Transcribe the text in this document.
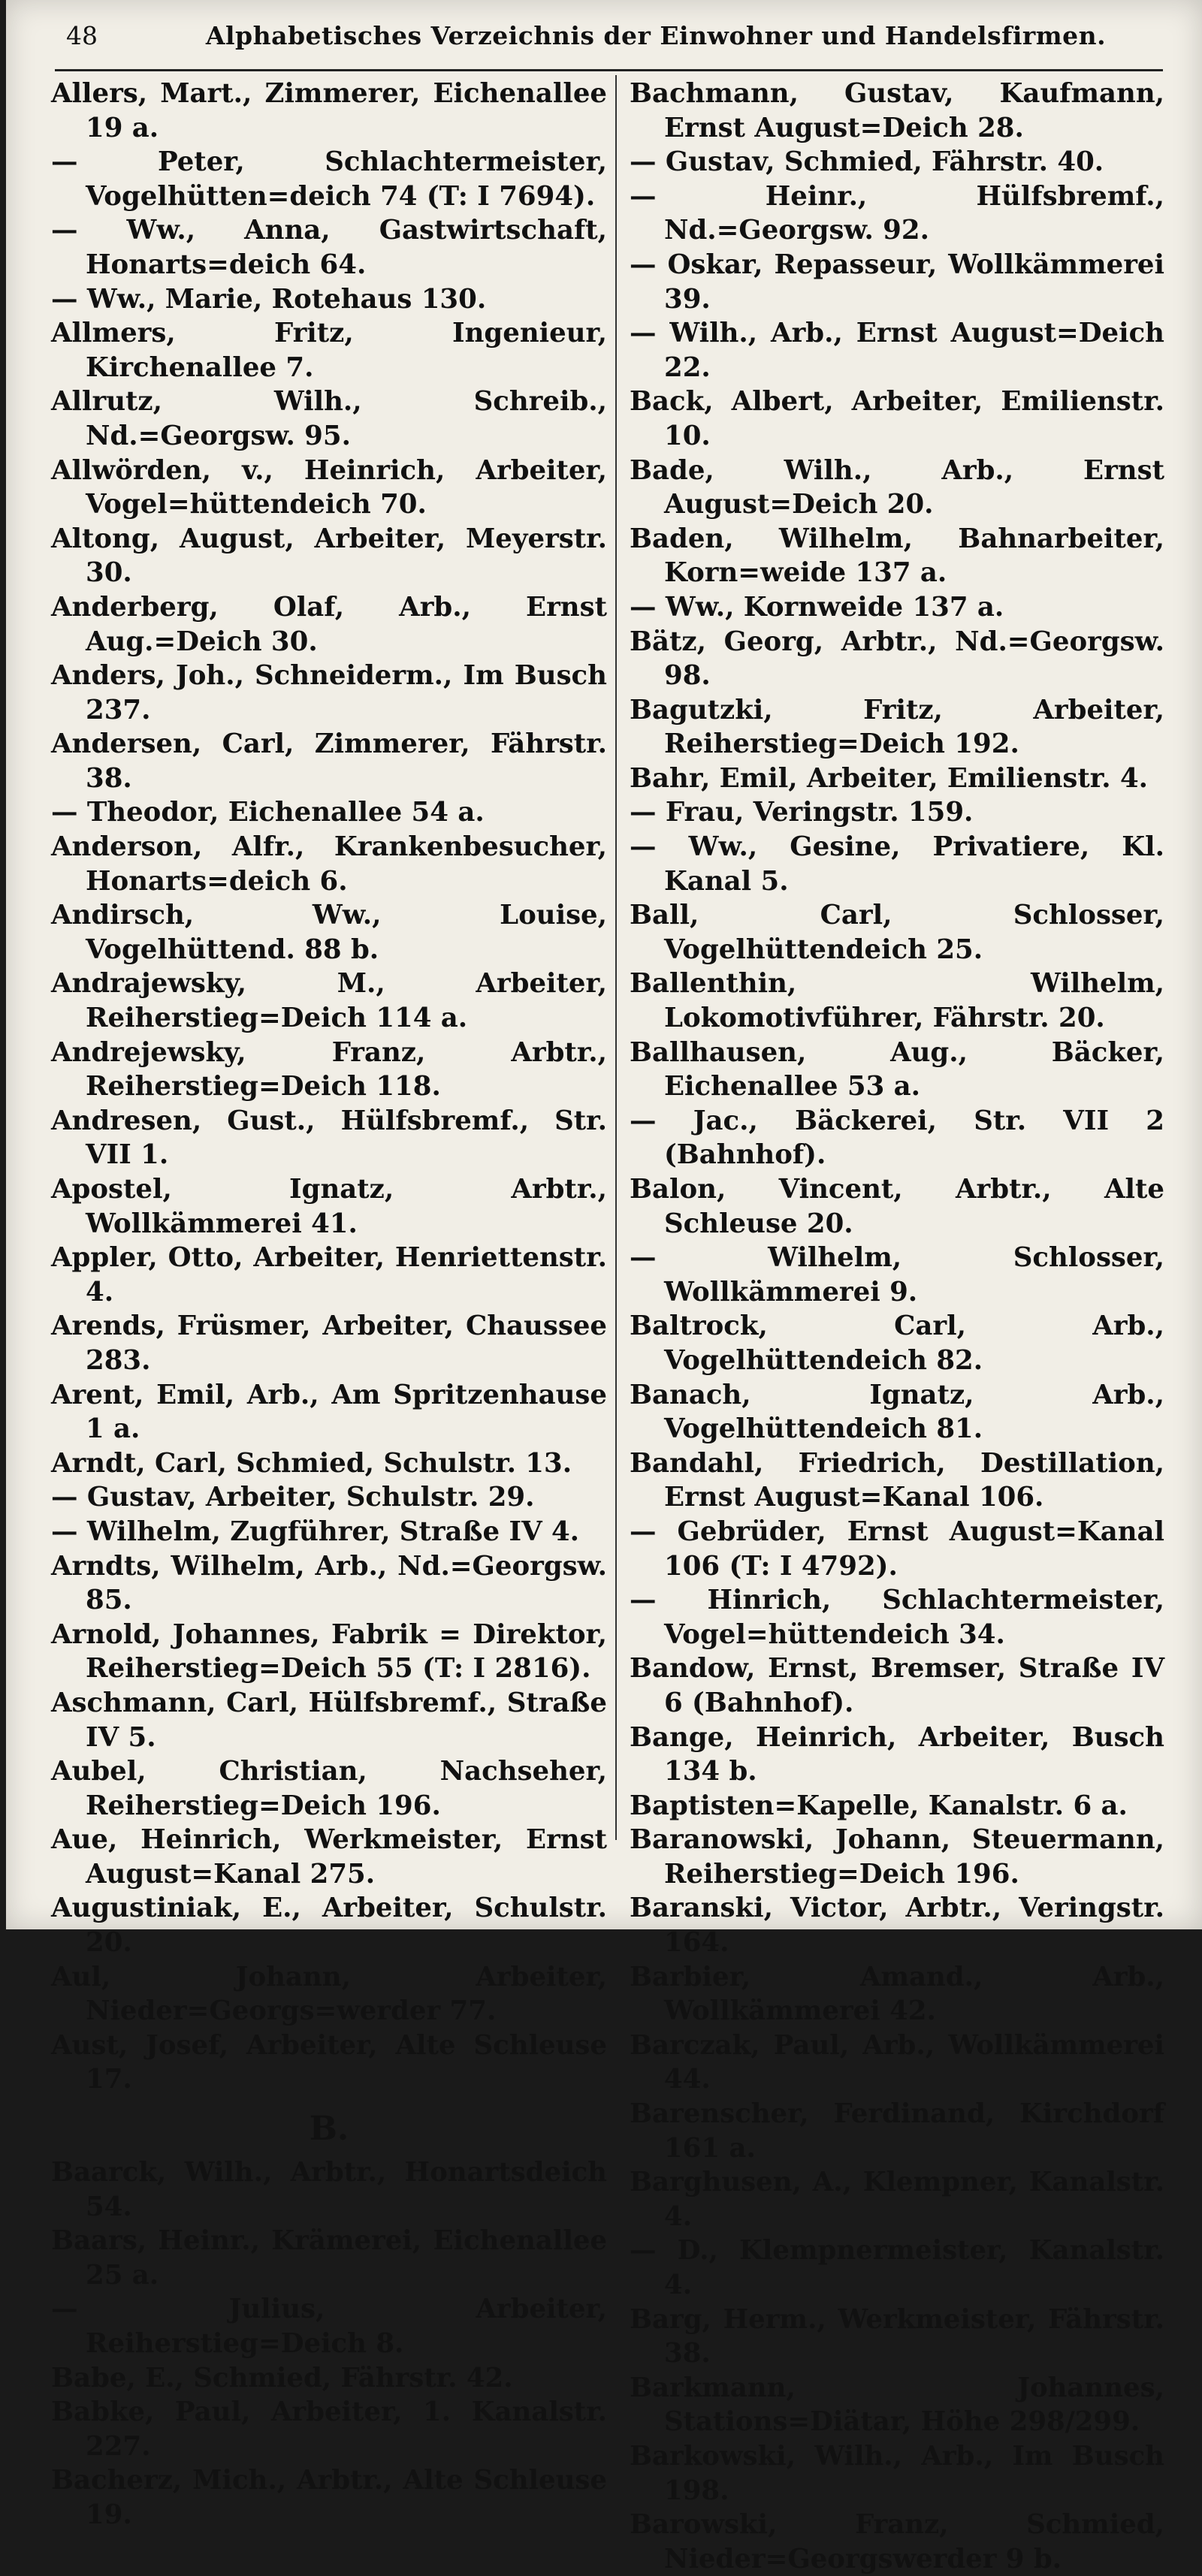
48	Alphabetisches Verzeichnis der Einwohner und Handelsfirmen.
Allers, Mart., Zimmerer, Eichenallee 19 a.
— Peter, Schlachtermeister, Vogelhütten=deich 74 (T: I 7694).
— Ww., Anna, Gastwirtschaft, Honarts=deich 64.
— Ww., Marie, Rotehaus 130.
Allmers, Fritz, Ingenieur, Kirchenallee 7.
Allrutz, Wilh., Schreib., Nd.=Georgsw. 95.
Allwörden, v., Heinrich, Arbeiter, Vogel=hüttendeich 70.
Altong, August, Arbeiter, Meyerstr. 30.
Anderberg, Olaf, Arb., Ernst Aug.=Deich 30.
Anders, Joh., Schneiderm., Im Busch 237.
Andersen, Carl, Zimmerer, Fährstr. 38.
— Theodor, Eichenallee 54 a.
Anderson, Alfr., Krankenbesucher, Honarts=deich 6.
Andirsch, Ww., Louise, Vogelhüttend. 88 b.
Andrajewsky, M., Arbeiter, Reiherstieg=Deich 114 a.
Andrejewsky, Franz, Arbtr., Reiherstieg=Deich 118.
Andresen, Gust., Hülfsbremf., Str. VII 1.
Apostel, Ignatz, Arbtr., Wollkämmerei 41.
Appler, Otto, Arbeiter, Henriettenstr. 4.
Arends, Früsmer, Arbeiter, Chaussee 283.
Arent, Emil, Arb., Am Spritzenhause 1 a.
Arndt, Carl, Schmied, Schulstr. 13.
— Gustav, Arbeiter, Schulstr. 29.
— Wilhelm, Zugführer, Straße IV 4.
Arndts, Wilhelm, Arb., Nd.=Georgsw. 85.
Arnold, Johannes, Fabrik = Direktor, Reiherstieg=Deich 55 (T: I 2816).
Aschmann, Carl, Hülfsbremf., Straße IV 5.
Aubel, Christian, Nachseher, Reiherstieg=Deich 196.
Aue, Heinrich, Werkmeister, Ernst August=Kanal 275.
Augustiniak, E., Arbeiter, Schulstr. 20.
Aul, Johann, Arbeiter, Nieder=Georgs=werder 77.
Aust, Josef, Arbeiter, Alte Schleuse 17.
B.
Baarck, Wilh., Arbtr., Honartsdeich 54.
Baars, Heinr., Krämerei, Eichenallee 25 a.
— Julius, Arbeiter, Reiherstieg=Deich 8.
Babe, E., Schmied, Fährstr. 42.
Babke, Paul, Arbeiter, 1. Kanalstr. 227.
Bacherz, Mich., Arbtr., Alte Schleuse 19.
Bachmann, Gustav, Kaufmann, Ernst August=Deich 28.
— Gustav, Schmied, Fährstr. 40.
— Heinr., Hülfsbremf., Nd.=Georgsw. 92.
— Oskar, Repasseur, Wollkämmerei 39.
— Wilh., Arb., Ernst August=Deich 22.
Back, Albert, Arbeiter, Emilienstr. 10.
Bade, Wilh., Arb., Ernst August=Deich 20.
Baden, Wilhelm, Bahnarbeiter, Korn=weide 137 a.
— Ww., Kornweide 137 a.
Bätz, Georg, Arbtr., Nd.=Georgsw. 98.
Bagutzki, Fritz, Arbeiter, Reiherstieg=Deich 192.
Bahr, Emil, Arbeiter, Emilienstr. 4.
— Frau, Veringstr. 159.
— Ww., Gesine, Privatiere, Kl. Kanal 5.
Ball, Carl, Schlosser, Vogelhüttendeich 25.
Ballenthin, Wilhelm, Lokomotivführer, Fährstr. 20.
Ballhausen, Aug., Bäcker, Eichenallee 53 a.
— Jac., Bäckerei, Str. VII 2 (Bahnhof).
Balon, Vincent, Arbtr., Alte Schleuse 20.
— Wilhelm, Schlosser, Wollkämmerei 9.
Baltrock, Carl, Arb., Vogelhüttendeich 82.
Banach, Ignatz, Arb., Vogelhüttendeich 81.
Bandahl, Friedrich, Destillation, Ernst August=Kanal 106.
— Gebrüder, Ernst August=Kanal 106 (T: I 4792).
— Hinrich, Schlachtermeister, Vogel=hüttendeich 34.
Bandow, Ernst, Bremser, Straße IV 6 (Bahnhof).
Bange, Heinrich, Arbeiter, Busch 134 b.
Baptisten=Kapelle, Kanalstr. 6 a.
Baranowski, Johann, Steuermann, Reiherstieg=Deich 196.
Baranski, Victor, Arbtr., Veringstr. 164.
Barbier, Amand., Arb., Wollkämmerei 42.
Barczak, Paul, Arb., Wollkämmerei 44.
Barenscher, Ferdinand, Kirchdorf 161 a.
Barghusen, A., Klempner, Kanalstr. 4.
— D., Klempnermeister, Kanalstr. 4.
Barg, Herm., Werkmeister, Fährstr. 38.
Barkmann, Johannes, Stations=Diätar, Höhe 298/299.
Barkowski, Wilh., Arb., Im Busch 198.
Barowski, Franz, Schmied, Nieder=Georgswerder 9 b.
